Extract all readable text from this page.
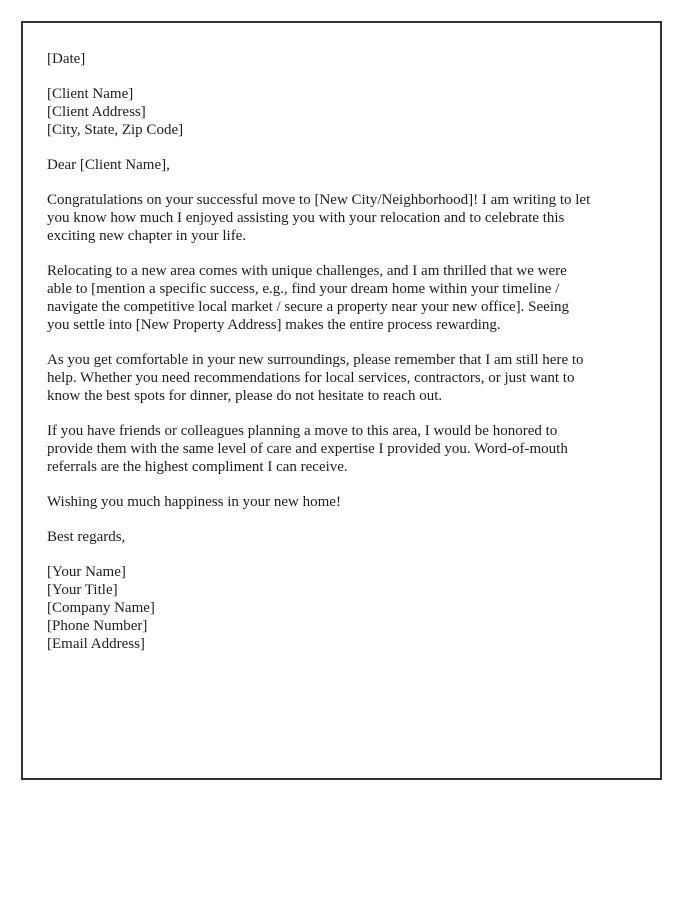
[Date]
[Client Name]
[Client Address]
[City, State, Zip Code]
Dear [Client Name],
Congratulations on your successful move to [New City/Neighborhood]! I am writing to let
you know how much I enjoyed assisting you with your relocation and to celebrate this
exciting new chapter in your life.
Relocating to a new area comes with unique challenges, and I am thrilled that we were
able to [mention a specific success, e.g., find your dream home within your timeline /
navigate the competitive local market / secure a property near your new office]. Seeing
you settle into [New Property Address] makes the entire process rewarding.
As you get comfortable in your new surroundings, please remember that I am still here to
help. Whether you need recommendations for local services, contractors, or just want to
know the best spots for dinner, please do not hesitate to reach out.
If you have friends or colleagues planning a move to this area, I would be honored to
provide them with the same level of care and expertise I provided you. Word-of-mouth
referrals are the highest compliment I can receive.
Wishing you much happiness in your new home!
Best regards,
[Your Name]
[Your Title]
[Company Name]
[Phone Number]
[Email Address]
